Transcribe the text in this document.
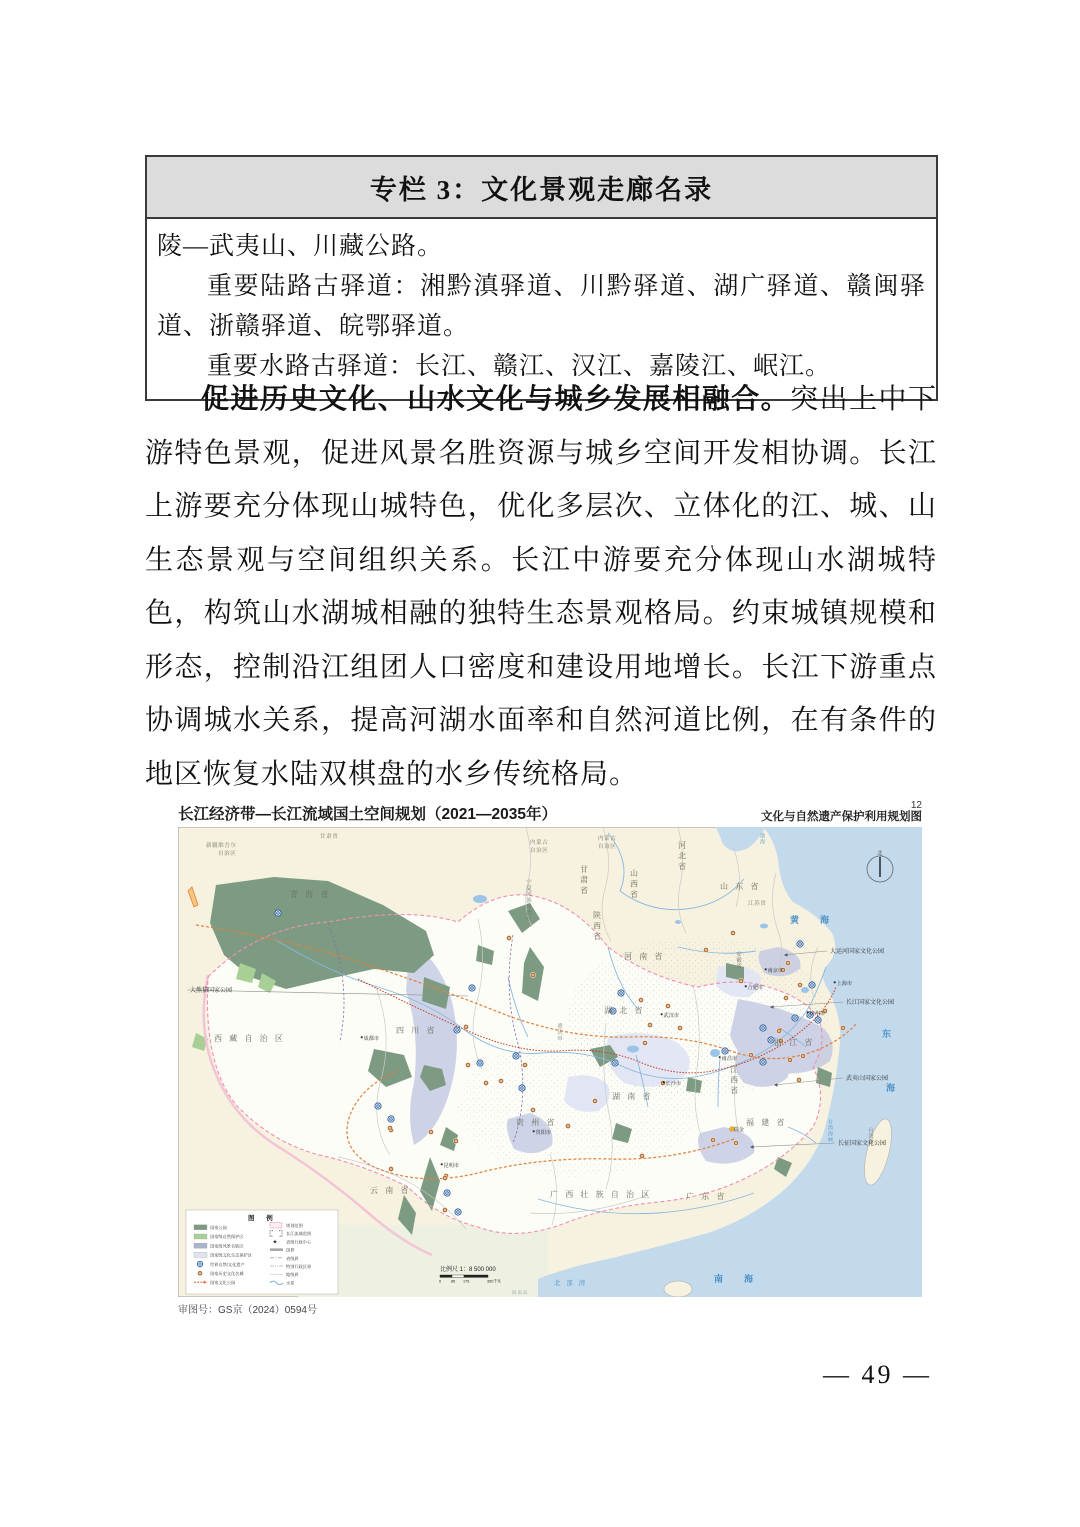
专栏 3：文化景观走廊名录

陵—武夷山、川藏公路。

重要陆路古驿道：湘黔滇驿道、川黔驿道、湖广驿道、赣闽驿道、浙赣驿道、皖鄂驿道。

重要水路古驿道：长江、赣江、汉江、嘉陵江、岷江。

促进历史文化、山水文化与城乡发展相融合。突出上中下游特色景观，促进风景名胜资源与城乡空间开发相协调。长江上游要充分体现山城特色，优化多层次、立体化的江、城、山生态景观与空间组织关系。长江中游要充分体现山水湖城特色，构筑山水湖城相融的独特生态景观格局。约束城镇规模和形态，控制沿江组团人口密度和建设用地增长。长江下游重点协调城水关系，提高河湖水面率和自然河道比例，在有条件的地区恢复水陆双棋盘的水乡传统格局。

长江经济带—长江流域国土空间规划（2021—2035年）
12
文化与自然遗产保护利用规划图
北
新疆维吾尔
自治区
甘肃省
内蒙古
自治区
内蒙古
自治区
宁夏回族自治区	甘肃省
青 海 省	山西省
河北省
山 东 省
陕西省
河 南 省	安徽省
江苏省
西 藏 自 治 区
四 川 省	重庆市
湖 北 省
湖 南 省	江西省
贵 州 省
云 南 省	广 西 壮 族 自 治 区	广 东 省
福 建 省
浙 江 省
台湾省
渤海
黄　海
东
海
南　海
北 部 湾
海南岛
台湾海峡
成都市
武汉市
长沙市
南昌市
贵阳市
昆明市
南京市
上海市
杭州市
合肥市
瑞金
大运河国家文化公园
长江国家文化公园
武夷山国家公园
长征国家文化公园
大熊猫国家公园
图 例
国家公园
国家级自然保护区
国家级风景名胜区
国家级文化生态保护区
世界自然/文化遗产
国家历史文化名城
国家文化公园
规划范围
长江流域范围
★ 省级行政中心
国界
省级界
特别行政区界
地级界
水系
比例尺 1：8 500 000
0	85 175	350千米
审图号：GS京（2024）0594号
— 49 —
